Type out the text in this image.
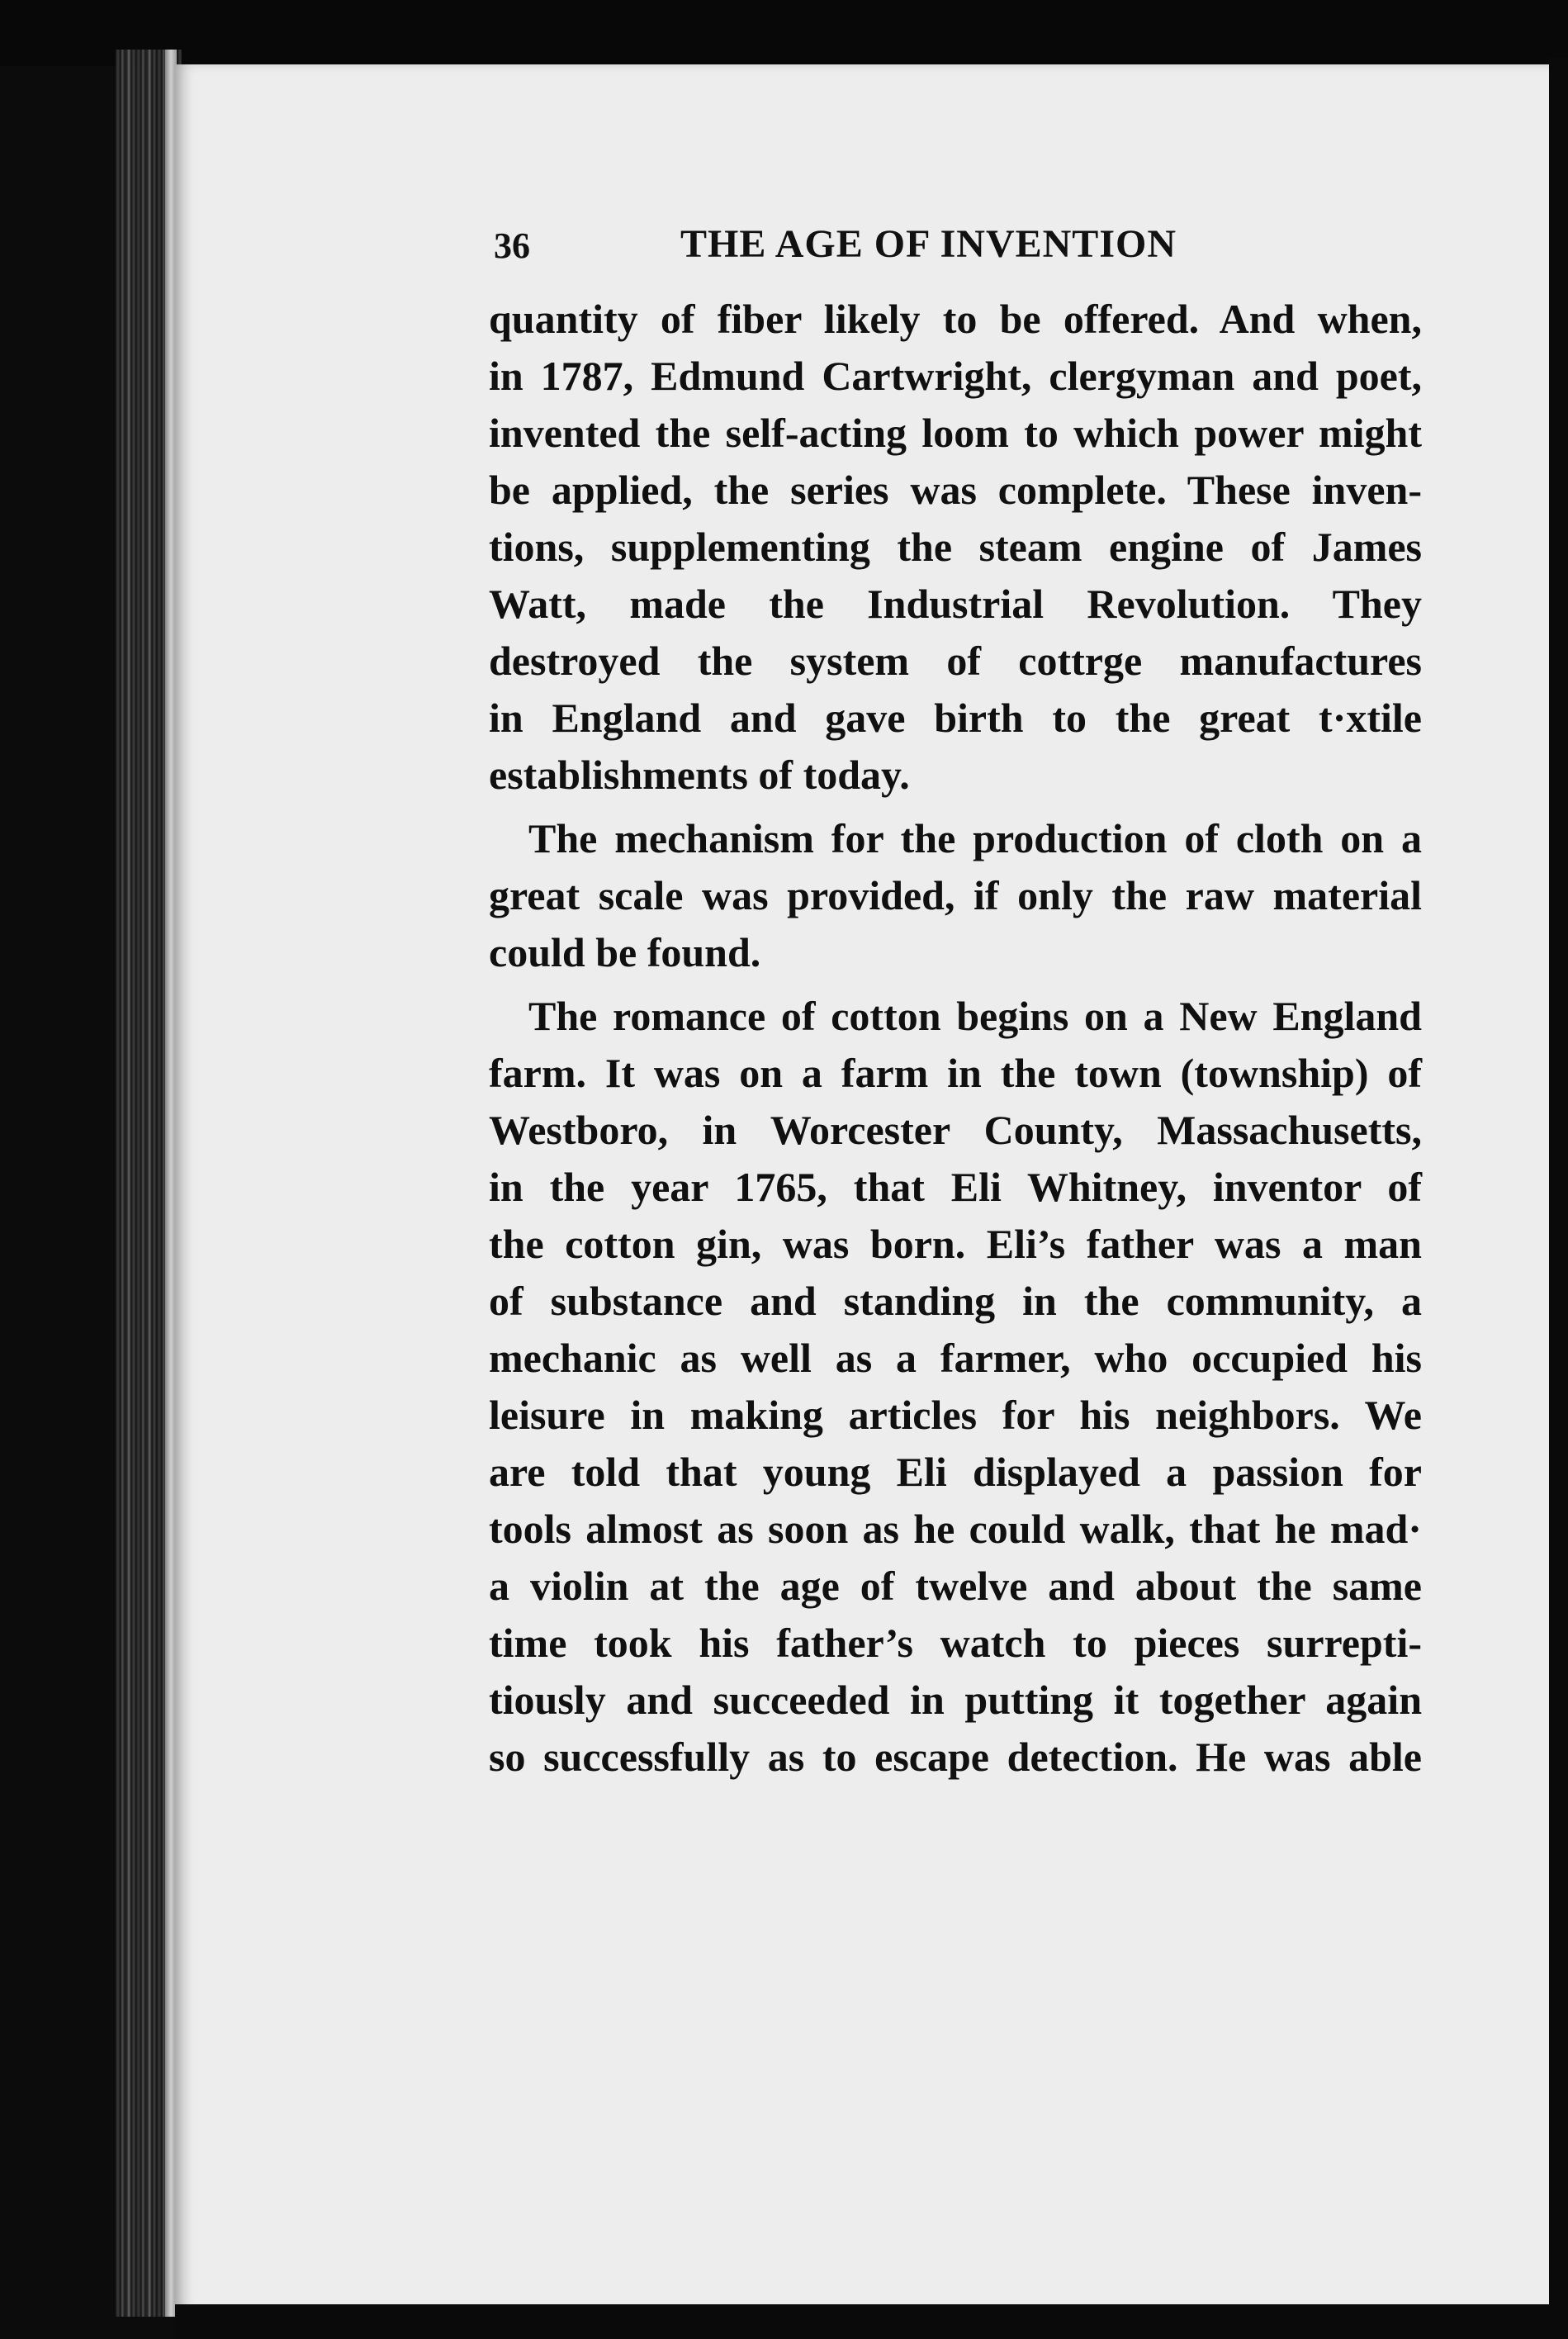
36	THE AGE OF INVENTION
quantity of fiber likely to be offered. And when,
in 1787, Edmund Cartwright, clergyman and poet,
invented the self-acting loom to which power might
be applied, the series was complete. These inven-
tions, supplementing the steam engine of James
Watt, made the Industrial Revolution. They
destroyed the system of cottrge manufactures
in England and gave birth to the great t·xtile
establishments of today.
The mechanism for the production of cloth on a
great scale was provided, if only the raw material
could be found.
The romance of cotton begins on a New England
farm. It was on a farm in the town (township) of
Westboro, in Worcester County, Massachusetts,
in the year 1765, that Eli Whitney, inventor of
the cotton gin, was born. Eli’s father was a man
of substance and standing in the community, a
mechanic as well as a farmer, who occupied his
leisure in making articles for his neighbors. We
are told that young Eli displayed a passion for
tools almost as soon as he could walk, that he mad·
a violin at the age of twelve and about the same
time took his father’s watch to pieces surrepti-
tiously and succeeded in putting it together again
so successfully as to escape detection. He was able
